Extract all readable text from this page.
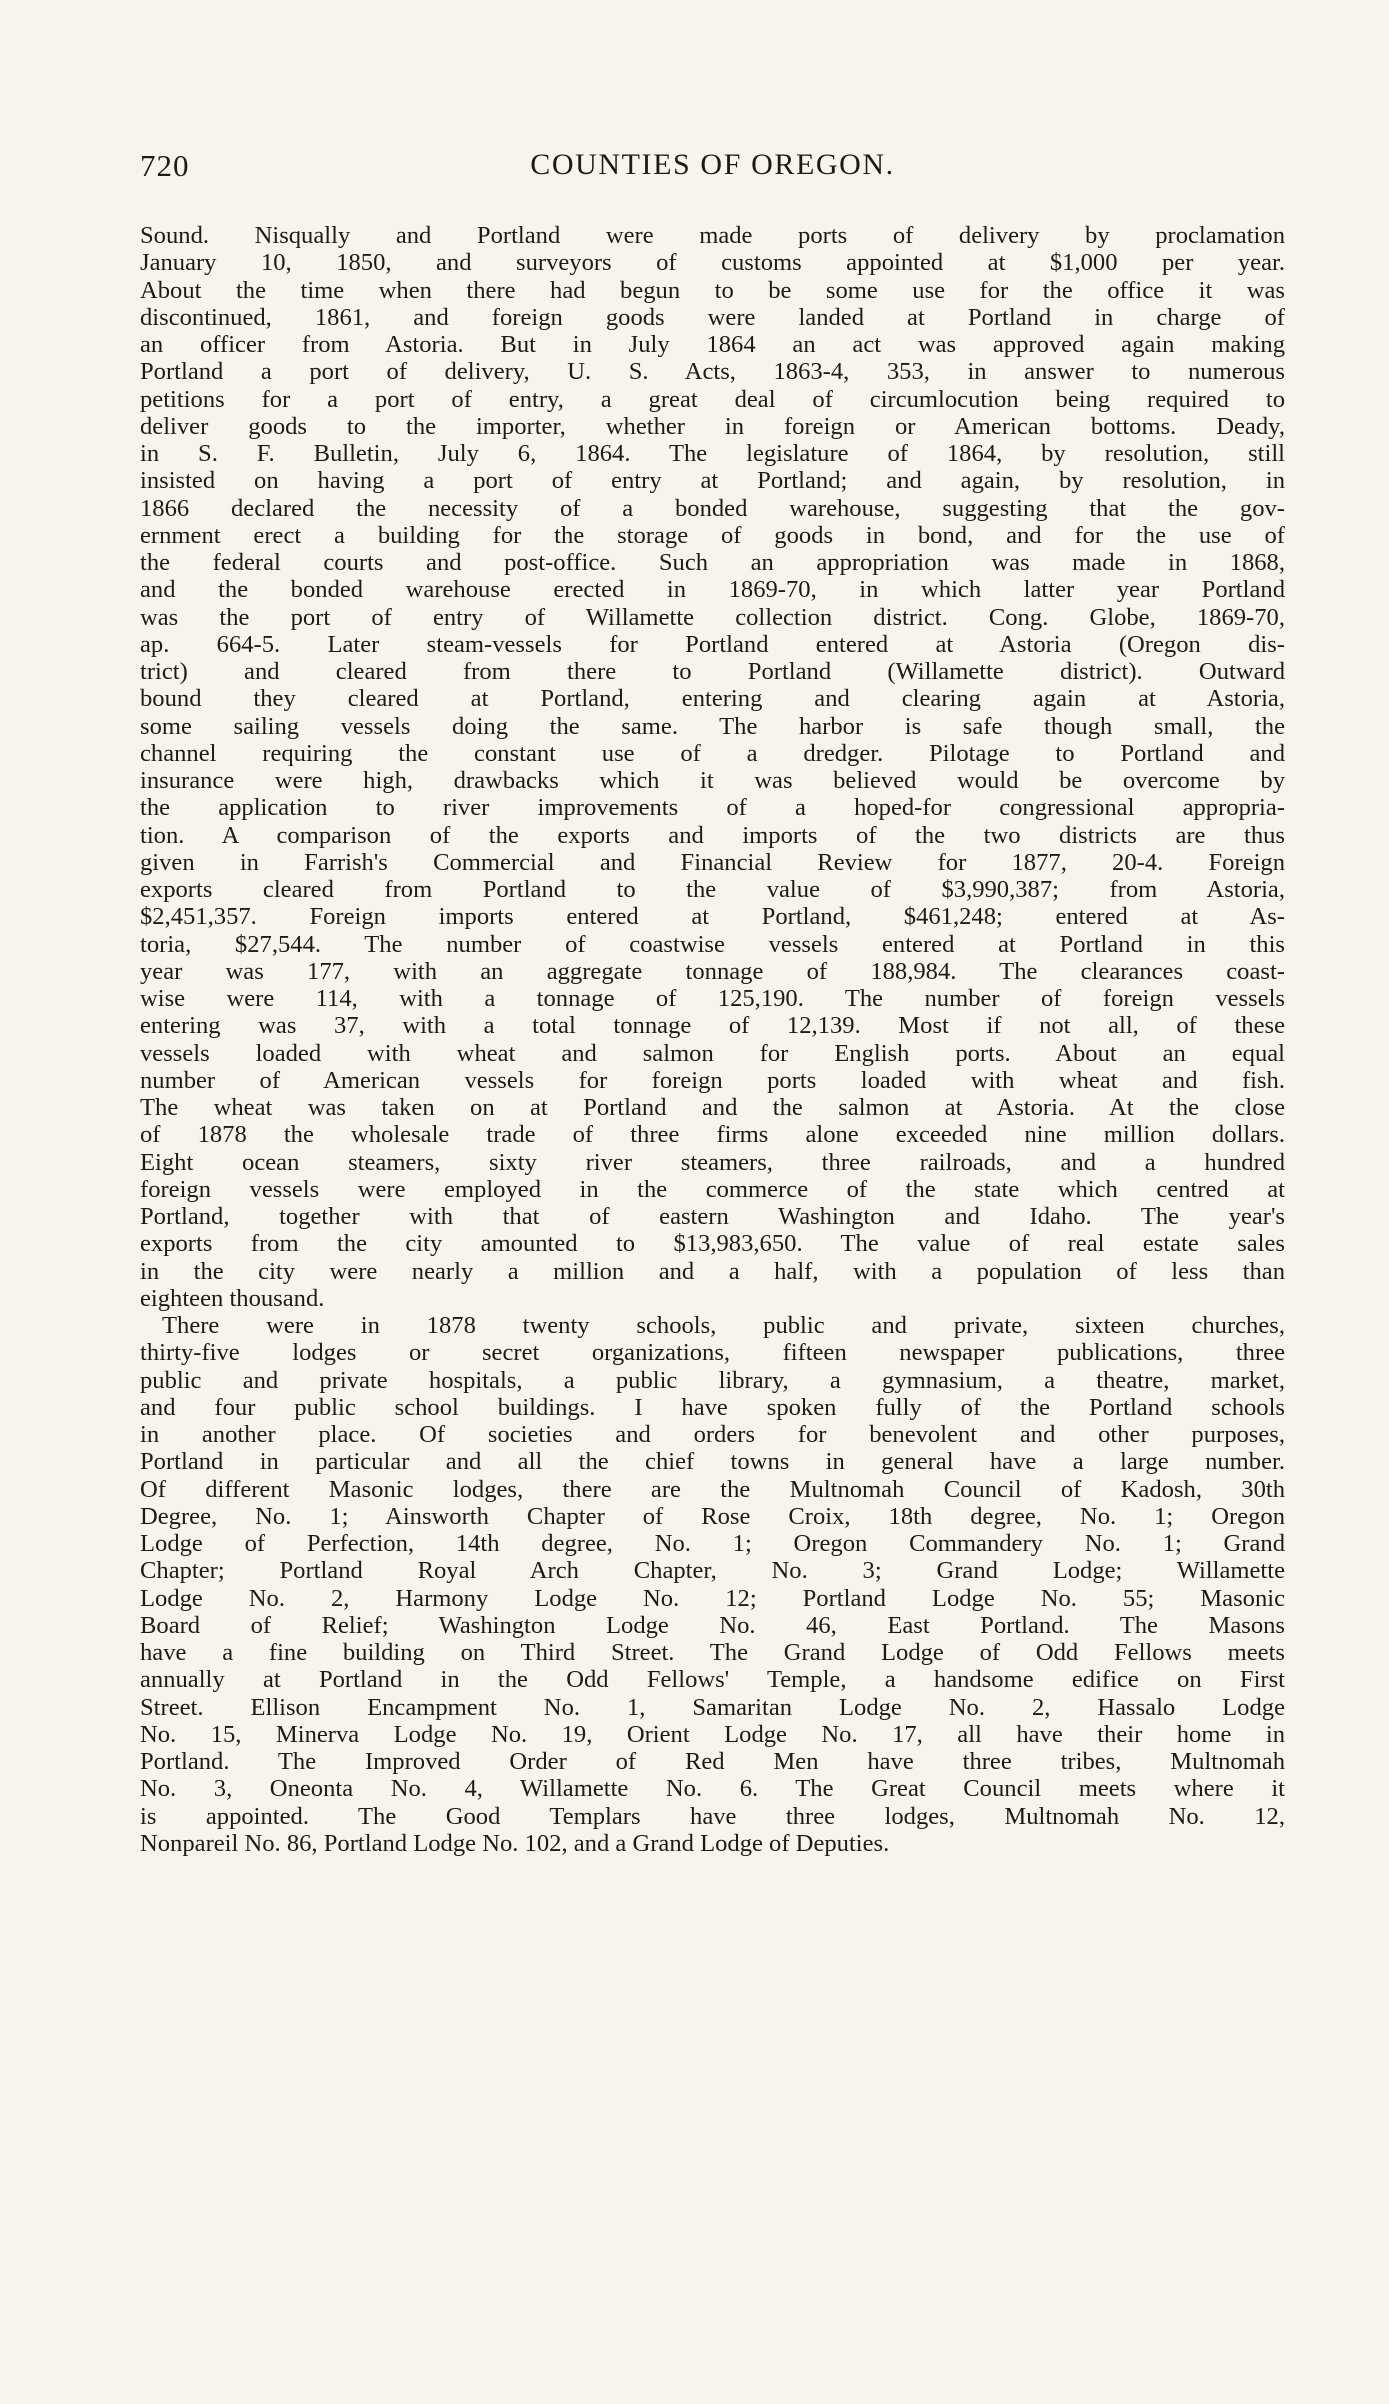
720	COUNTIES OF OREGON.
Sound. Nisqually and Portland were made ports of delivery by proclamation
January 10, 1850, and surveyors of customs appointed at $1,000 per year.
About the time when there had begun to be some use for the office it was
discontinued, 1861, and foreign goods were landed at Portland in charge of
an officer from Astoria. But in July 1864 an act was approved again making
Portland a port of delivery, U. S. Acts, 1863-4, 353, in answer to numerous
petitions for a port of entry, a great deal of circumlocution being required to
deliver goods to the importer, whether in foreign or American bottoms. Deady,
in S. F. Bulletin, July 6, 1864. The legislature of 1864, by resolution, still
insisted on having a port of entry at Portland; and again, by resolution, in
1866 declared the necessity of a bonded warehouse, suggesting that the gov-
ernment erect a building for the storage of goods in bond, and for the use of
the federal courts and post-office. Such an appropriation was made in 1868,
and the bonded warehouse erected in 1869-70, in which latter year Portland
was the port of entry of Willamette collection district. Cong. Globe, 1869-70,
ap. 664-5. Later steam-vessels for Portland entered at Astoria (Oregon dis-
trict) and cleared from there to Portland (Willamette district). Outward
bound they cleared at Portland, entering and clearing again at Astoria,
some sailing vessels doing the same. The harbor is safe though small, the
channel requiring the constant use of a dredger. Pilotage to Portland and
insurance were high, drawbacks which it was believed would be overcome by
the application to river improvements of a hoped-for congressional appropria-
tion. A comparison of the exports and imports of the two districts are thus
given in Farrish's Commercial and Financial Review for 1877, 20-4. Foreign
exports cleared from Portland to the value of $3,990,387; from Astoria,
$2,451,357. Foreign imports entered at Portland, $461,248; entered at As-
toria, $27,544. The number of coastwise vessels entered at Portland in this
year was 177, with an aggregate tonnage of 188,984. The clearances coast-
wise were 114, with a tonnage of 125,190. The number of foreign vessels
entering was 37, with a total tonnage of 12,139. Most if not all, of these
vessels loaded with wheat and salmon for English ports. About an equal
number of American vessels for foreign ports loaded with wheat and fish.
The wheat was taken on at Portland and the salmon at Astoria. At the close
of 1878 the wholesale trade of three firms alone exceeded nine million dollars.
Eight ocean steamers, sixty river steamers, three railroads, and a hundred
foreign vessels were employed in the commerce of the state which centred at
Portland, together with that of eastern Washington and Idaho. The year's
exports from the city amounted to $13,983,650. The value of real estate sales
in the city were nearly a million and a half, with a population of less than
eighteen thousand.
There were in 1878 twenty schools, public and private, sixteen churches,
thirty-five lodges or secret organizations, fifteen newspaper publications, three
public and private hospitals, a public library, a gymnasium, a theatre, market,
and four public school buildings. I have spoken fully of the Portland schools
in another place. Of societies and orders for benevolent and other purposes,
Portland in particular and all the chief towns in general have a large number.
Of different Masonic lodges, there are the Multnomah Council of Kadosh, 30th
Degree, No. 1; Ainsworth Chapter of Rose Croix, 18th degree, No. 1; Oregon
Lodge of Perfection, 14th degree, No. 1; Oregon Commandery No. 1; Grand
Chapter; Portland Royal Arch Chapter, No. 3; Grand Lodge; Willamette
Lodge No. 2, Harmony Lodge No. 12; Portland Lodge No. 55; Masonic
Board of Relief; Washington Lodge No. 46, East Portland. The Masons
have a fine building on Third Street. The Grand Lodge of Odd Fellows meets
annually at Portland in the Odd Fellows' Temple, a handsome edifice on First
Street. Ellison Encampment No. 1, Samaritan Lodge No. 2, Hassalo Lodge
No. 15, Minerva Lodge No. 19, Orient Lodge No. 17, all have their home in
Portland. The Improved Order of Red Men have three tribes, Multnomah
No. 3, Oneonta No. 4, Willamette No. 6. The Great Council meets where it
is appointed. The Good Templars have three lodges, Multnomah No. 12,
Nonpareil No. 86, Portland Lodge No. 102, and a Grand Lodge of Deputies.
